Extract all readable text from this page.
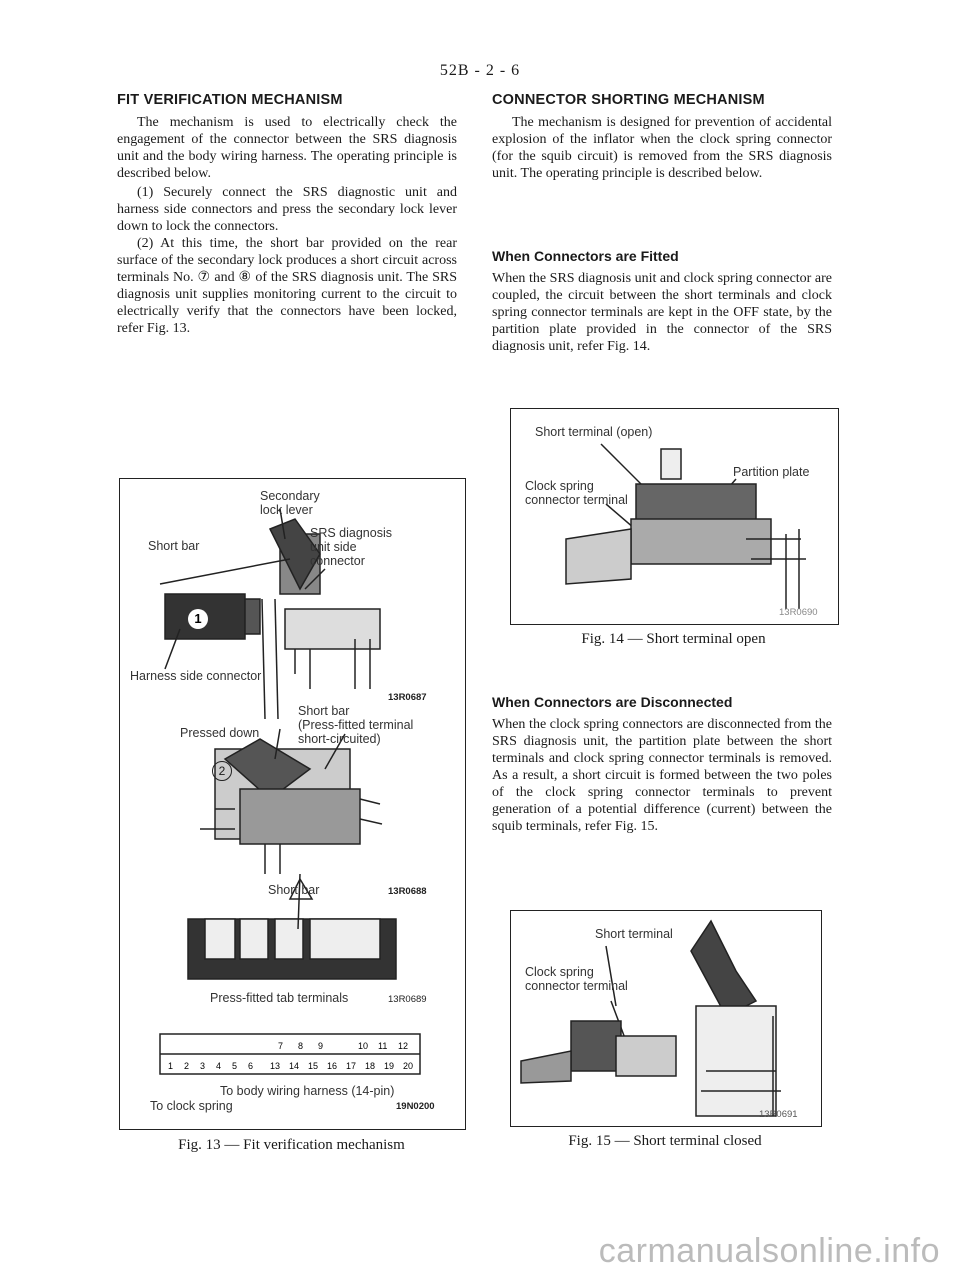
52B - 2 - 6
FIT VERIFICATION MECHANISM

The mechanism is used to electrically check the engagement of the connector between the SRS diagnosis unit and the body wiring harness. The operating principle is described below.

(1) Securely connect the SRS diagnostic unit and harness side connectors and press the secondary lock lever down to lock the connectors.

(2) At this time, the short bar provided on the rear surface of the secondary lock produces a short circuit across terminals No. ⑦ and ⑧ of the SRS diagnosis unit. The SRS diagnosis unit supplies monitoring current to the circuit to electrically verify that the connectors have been locked, refer Fig. 13.

CONNECTOR SHORTING MECHANISM

The mechanism is designed for prevention of accidental explosion of the inflator when the clock spring connector (for the squib circuit) is removed from the SRS diagnosis unit. The operating principle is described below.

When Connectors are Fitted

When the SRS diagnosis unit and clock spring connector are coupled, the circuit between the short terminals and clock spring connector terminals are kept in the OFF state, by the partition plate provided in the connector of the SRS diagnosis unit, refer Fig. 14.

When Connectors are Disconnected

When the clock spring connectors are disconnected from the SRS diagnosis unit, the partition plate between the short terminals and clock spring connector terminals is removed. As a result, a short circuit is formed between the two poles of the clock spring connector terminals to prevent generation of a potential difference (current) between the squib terminals, refer Fig. 15.

7 8 9	10 11 12
13 14 15 16 17 18 19 20
1 2 3 4 5 6
Secondary
lock lever
SRS diagnosis
unit side
connector
Short bar
Harness side connector
13R0687
1
Short bar
(Press-fitted terminal
short-circuited)
Pressed down
2
13R0688
Short bar
Press-fitted tab terminals	13R0689
To body wiring harness (14-pin)
To clock spring	19N0200
Fig. 13 — Fit verification mechanism
Short terminal (open)
Clock spring
connector terminal
Partition plate
13R0690
Fig. 14 — Short terminal open
Short terminal
Clock spring
connector terminal
13R0691
Fig. 15 — Short terminal closed
carmanualsonline.info
